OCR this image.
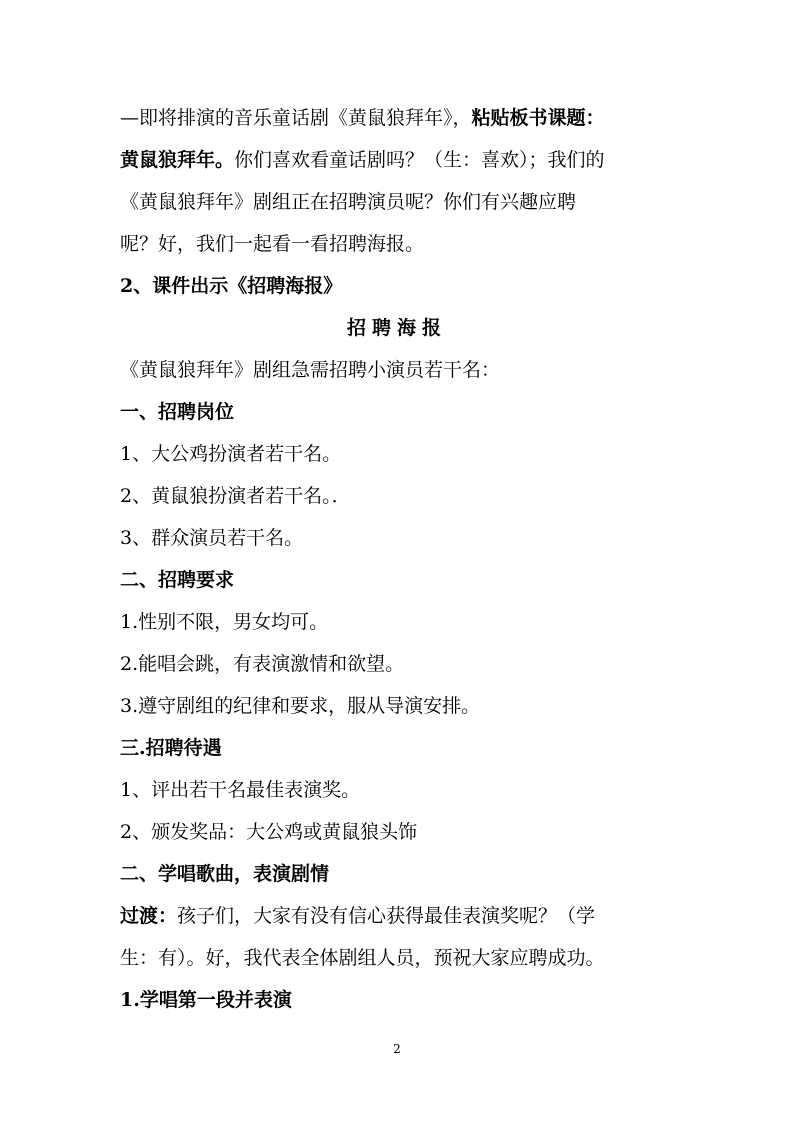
—即将排演的音乐童话剧《黄鼠狼拜年》，粘贴板书课题：
黄鼠狼拜年。你们喜欢看童话剧吗？（生：喜欢）；我们的
《黄鼠狼拜年》剧组正在招聘演员呢？你们有兴趣应聘
呢？好，我们一起看一看招聘海报。
2、课件出示《招聘海报》
招聘海报
《黄鼠狼拜年》剧组急需招聘小演员若干名：
一、招聘岗位
1、大公鸡扮演者若干名。
2、黄鼠狼扮演者若干名。．
3、群众演员若干名。
二、招聘要求
1.性别不限，男女均可。
2.能唱会跳，有表演激情和欲望。
3.遵守剧组的纪律和要求，服从导演安排。
三.招聘待遇
1、评出若干名最佳表演奖。
2、颁发奖品：大公鸡或黄鼠狼头饰
二、学唱歌曲，表演剧情
过渡：孩子们，大家有没有信心获得最佳表演奖呢？（学
生：有）。好，我代表全体剧组人员，预祝大家应聘成功。
1.学唱第一段并表演
2
